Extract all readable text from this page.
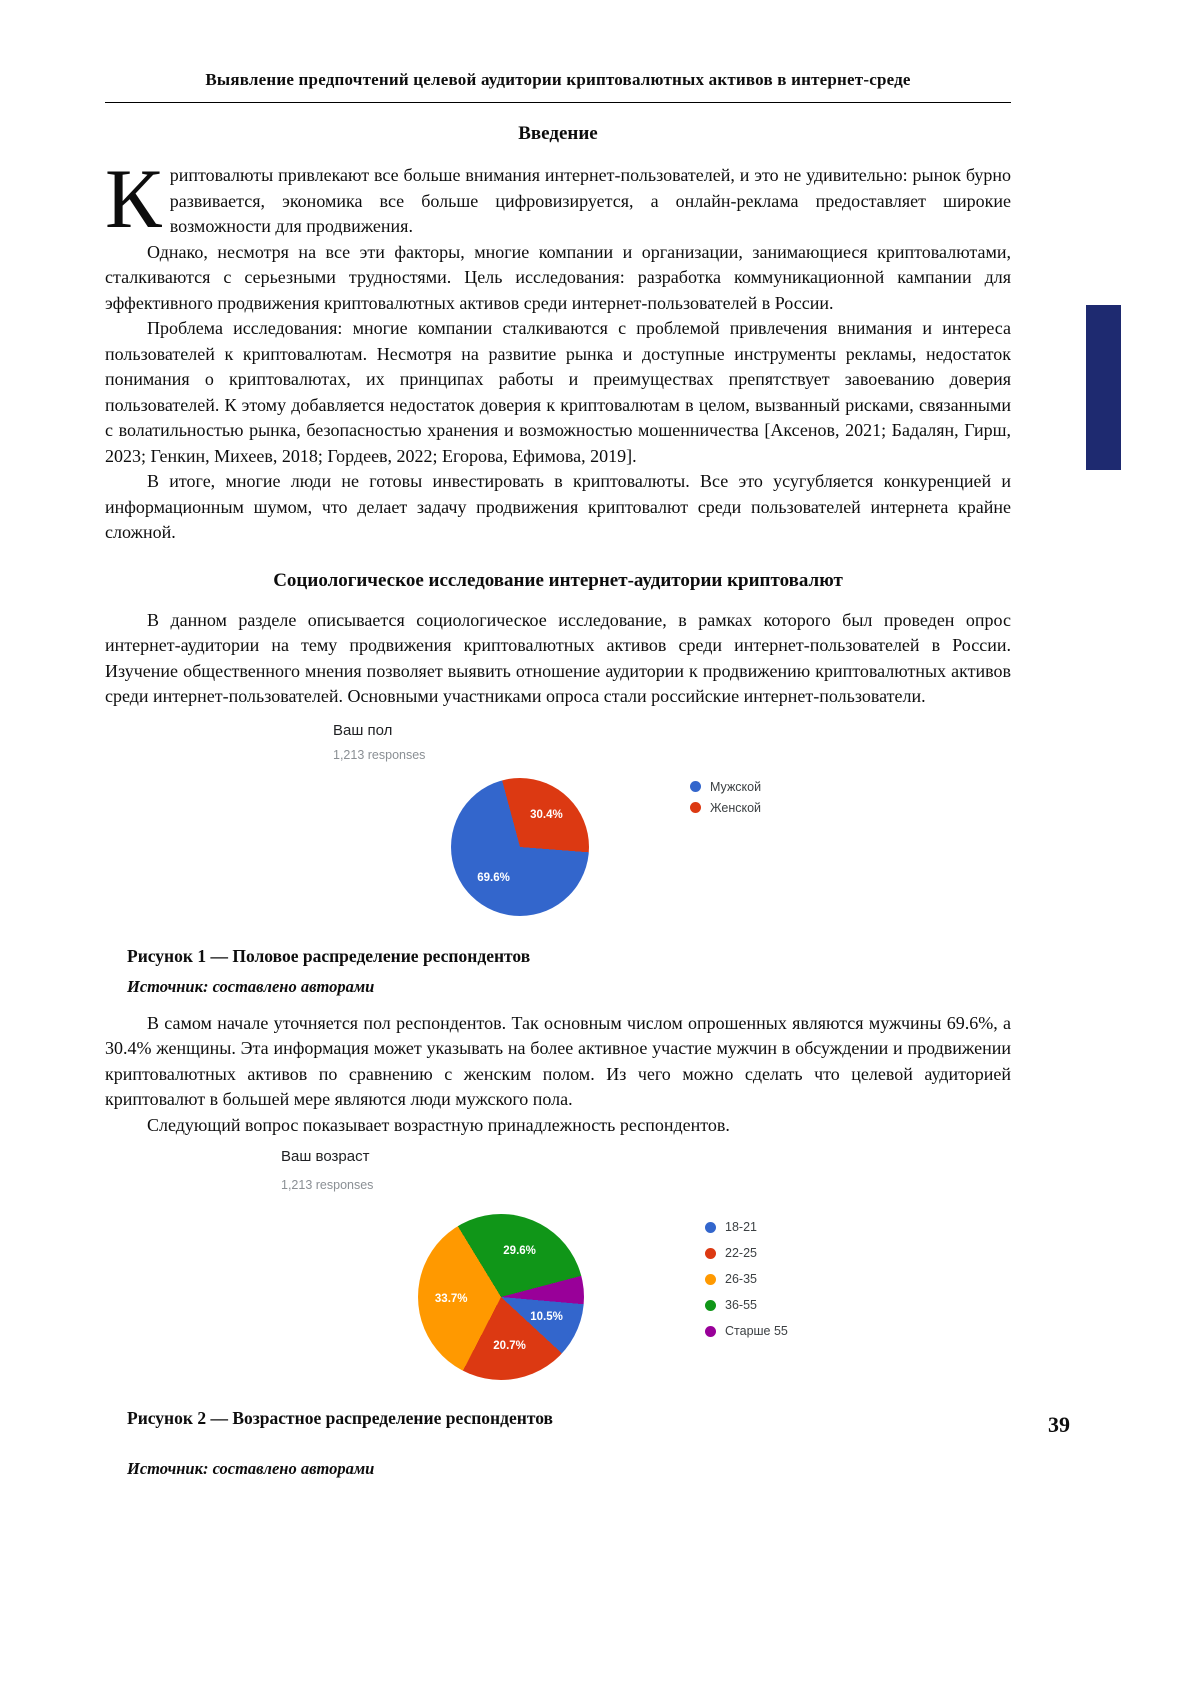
Выявление предпочтений целевой аудитории криптовалютных активов в интернет-среде
Введение

Криптовалюты привлекают все больше внимания интернет-пользователей, и это не удивительно: рынок бурно развивается, экономика все больше цифровизируется, а онлайн-реклама предоставляет широкие возможности для продвижения.

Однако, несмотря на все эти факторы, многие компании и организации, занимающиеся криптовалютами, сталкиваются с серьезными трудностями. Цель исследования: разработка коммуникационной кампании для эффективного продвижения криптовалютных активов среди интернет-пользователей в России.

Проблема исследования: многие компании сталкиваются с проблемой привлечения внимания и интереса пользователей к криптовалютам. Несмотря на развитие рынка и доступные инструменты рекламы, недостаток понимания о криптовалютах, их принципах работы и преимуществах препятствует завоеванию доверия пользователей. К этому добавляется недостаток доверия к криптовалютам в целом, вызванный рисками, связанными с волатильностью рынка, безопасностью хранения и возможностью мошенничества [Аксенов, 2021; Бадалян, Гирш, 2023; Генкин, Михеев, 2018; Гордеев, 2022; Егорова, Ефимова, 2019].

В итоге, многие люди не готовы инвестировать в криптовалюты. Все это усугубляется конкуренцией и информационным шумом, что делает задачу продвижения криптовалют среди пользователей интернета крайне сложной.

Социологическое исследование интернет-аудитории криптовалют

В данном разделе описывается социологическое исследование, в рамках которого был проведен опрос интернет-аудитории на тему продвижения криптовалютных активов среди интернет-пользователей в России. Изучение общественного мнения позволяет выявить отношение аудитории к продвижению криптовалютных активов среди интернет-пользователей. Основными участниками опроса стали российские интернет-пользователи.

Ваш пол
1,213 responses
69.6%
30.4%
Мужской
Женской
Рисунок 1 — Половое распределение респондентов
Источник: составлено авторами

В самом начале уточняется пол респондентов. Так основным числом опрошенных являются мужчины 69.6%, а 30.4% женщины. Эта информация может указывать на более активное участие мужчин в обсуждении и продвижении криптовалютных активов по сравнению с женским полом. Из чего можно сделать что целевой аудиторией криптовалют в большей мере являются люди мужского пола.

Следующий вопрос показывает возрастную принадлежность респондентов.

Ваш возраст
1,213 responses
10.5%
20.7%
33.7%
29.6%
18-21
22-25
26-35
36-55
Старше 55
Рисунок 2 — Возрастное распределение респондентов
Источник: составлено авторами
39
